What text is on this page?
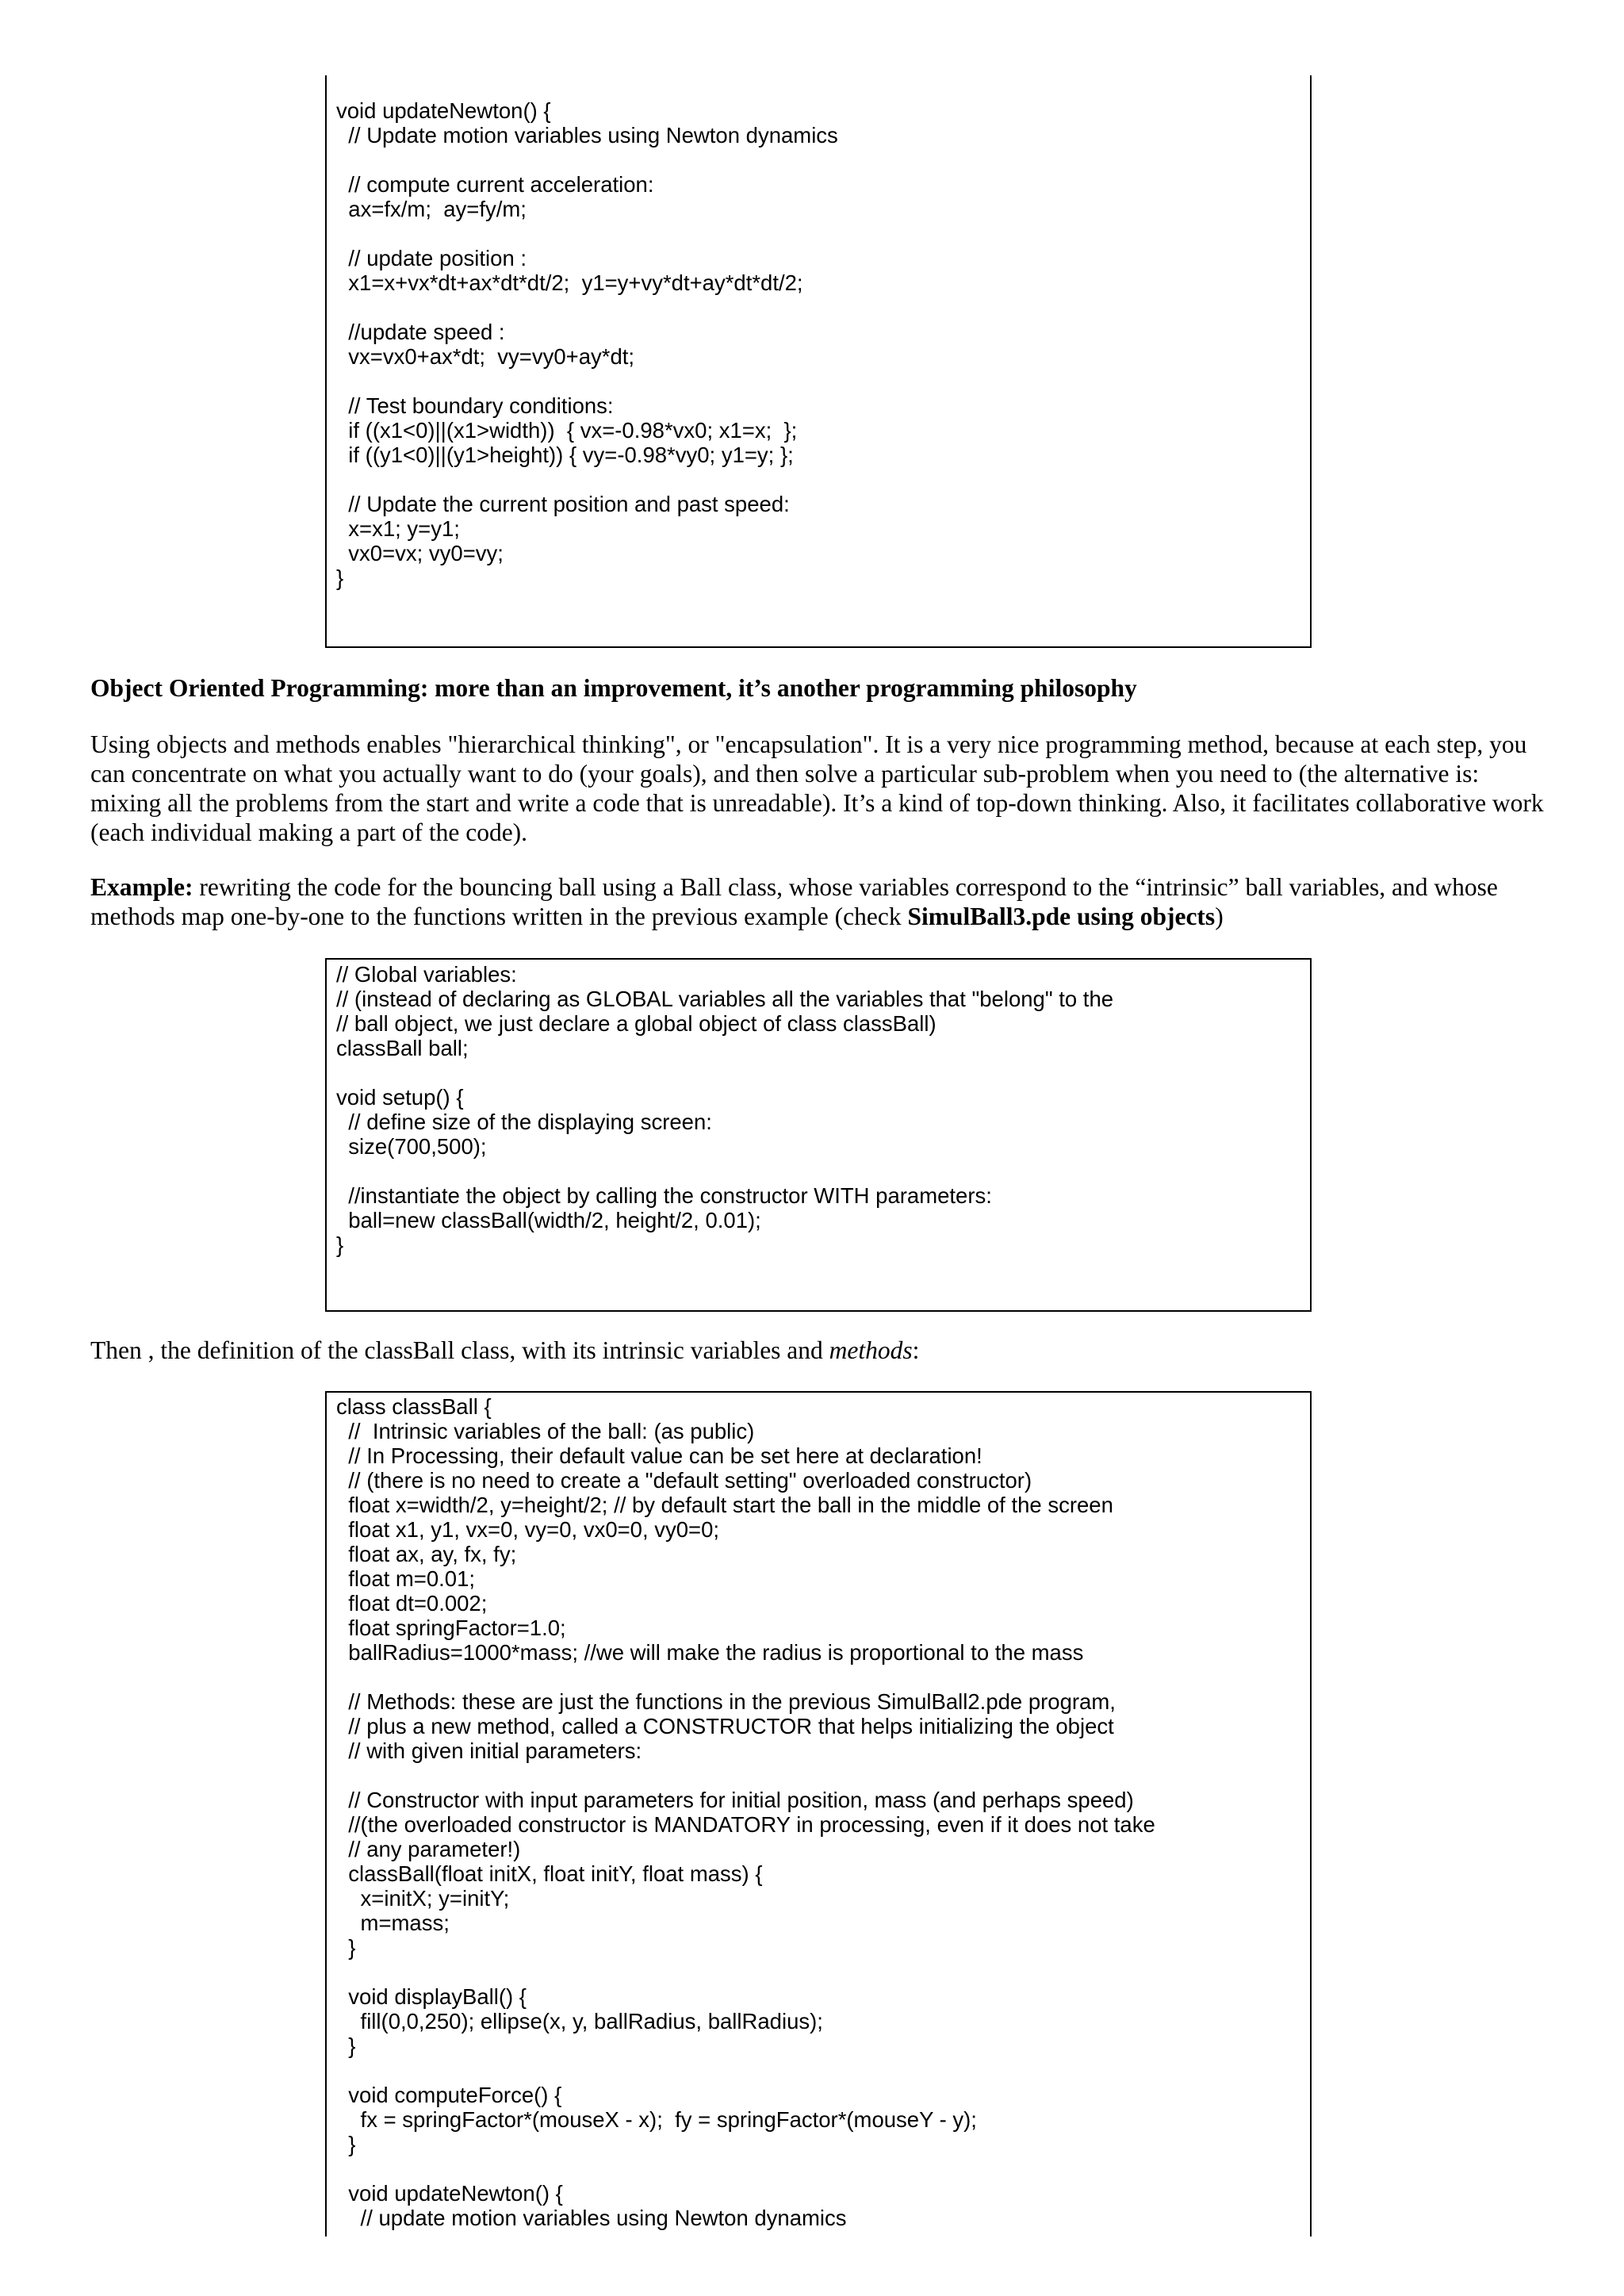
void updateNewton() {
// Update motion variables using Newton dynamics
// compute current acceleration:
ax=fx/m;  ay=fy/m;
// update position :
x1=x+vx*dt+ax*dt*dt/2;  y1=y+vy*dt+ay*dt*dt/2;
//update speed :
vx=vx0+ax*dt;  vy=vy0+ay*dt;
// Test boundary conditions:
if ((x1<0)||(x1>width))  { vx=-0.98*vx0; x1=x;  };
if ((y1<0)||(y1>height)) { vy=-0.98*vy0; y1=y; };
// Update the current position and past speed:
x=x1; y=y1;
vx0=vx; vy0=vy;
}

Object Oriented Programming: more than an improvement, it’s another programming philosophy

Using objects and methods enables "hierarchical thinking", or "encapsulation". It is a very nice programming method, because at each step, you can concentrate on what you actually want to do (your goals), and then solve a particular sub-problem when you need to (the alternative is: mixing all the problems from the start and write a code that is unreadable). It’s a kind of top-down thinking. Also, it facilitates collaborative work (each individual making a part of the code).

Example: rewriting the code for the bouncing ball using a Ball class, whose variables correspond to the “intrinsic” ball variables, and whose methods map one-by-one to the functions written in the previous example (check SimulBall3.pde using objects)

// Global variables:
// (instead of declaring as GLOBAL variables all the variables that "belong" to the
// ball object, we just declare a global object of class classBall)
classBall ball;
void setup() {
// define size of the displaying screen:
size(700,500);
//instantiate the object by calling the constructor WITH parameters:
ball=new classBall(width/2, height/2, 0.01);
}

Then , the definition of the classBall class, with its intrinsic variables and methods:

class classBall {
//  Intrinsic variables of the ball: (as public)
// In Processing, their default value can be set here at declaration!
// (there is no need to create a "default setting" overloaded constructor)
float x=width/2, y=height/2; // by default start the ball in the middle of the screen
float x1, y1, vx=0, vy=0, vx0=0, vy0=0;
float ax, ay, fx, fy;
float m=0.01;
float dt=0.002;
float springFactor=1.0;
ballRadius=1000*mass; //we will make the radius is proportional to the mass
// Methods: these are just the functions in the previous SimulBall2.pde program,
// plus a new method, called a CONSTRUCTOR that helps initializing the object
// with given initial parameters:
// Constructor with input parameters for initial position, mass (and perhaps speed)
//(the overloaded constructor is MANDATORY in processing, even if it does not take
// any parameter!)
classBall(float initX, float initY, float mass) {
x=initX; y=initY;
m=mass;
}
void displayBall() {
fill(0,0,250); ellipse(x, y, ballRadius, ballRadius);
}
void computeForce() {
fx = springFactor*(mouseX - x);  fy = springFactor*(mouseY - y);
}
void updateNewton() {
// update motion variables using Newton dynamics
